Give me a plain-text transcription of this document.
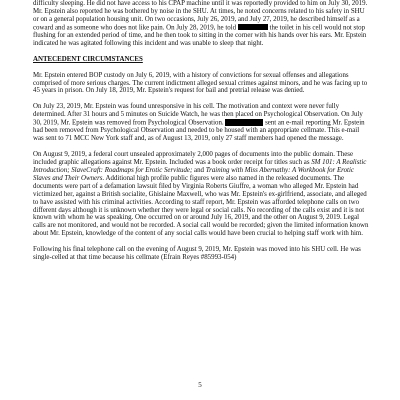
difficulty sleeping. He did not have access to his CPAP machine until it was reportedly provided to him on July 30, 2019. Mr. Epstein also reported he was bothered by noise in the SHU. At times, he noted concerns related to his safety in SHU or on a general population housing unit. On two occasions, July 26, 2019, and July 27, 2019, he described himself as a coward and as someone who does not like pain. On July 28, 2019, he told	the toilet in his cell would not stop flushing for an extended period of time, and he then took to sitting in the corner with his hands over his ears. Mr. Epstein indicated he was agitated following this incident and was unable to sleep that night.

ANTECEDENT CIRCUMSTANCES

Mr. Epstein entered BOP custody on July 6, 2019, with a history of convictions for sexual offenses and allegations comprised of more serious charges. The current indictment alleged sexual crimes against minors, and he was facing up to 45 years in prison. On July 18, 2019, Mr. Epstein's request for bail and pretrial release was denied.

On July 23, 2019, Mr. Epstein was found unresponsive in his cell. The motivation and context were never fully determined. After 31 hours and 5 minutes on Suicide Watch, he was then placed on Psychological Observation. On July 30, 2019, Mr. Epstein was removed from Psychological Observation.	sent an e-mail reporting Mr. Epstein had been removed from Psychological Observation and needed to be housed with an appropriate cellmate. This e-mail was sent to 71 MCC New York staff and, as of August 13, 2019, only 27 staff members had opened the message.

On August 9, 2019, a federal court unsealed approximately 2,000 pages of documents into the public domain. These included graphic allegations against Mr. Epstein. Included was a book order receipt for titles such as SM 101: A Realistic Introduction; SlaveCraft: Roadmaps for Erotic Servitude; and Training with Miss Abernathy: A Workbook for Erotic Slaves and Their Owners. Additional high profile public figures were also named in the released documents. The documents were part of a defamation lawsuit filed by Virginia Roberts Giuffre, a woman who alleged Mr. Epstein had victimized her, against a British socialite, Ghislaine Maxwell, who was Mr. Epstein's ex-girlfriend, associate, and alleged to have assisted with his criminal activities. According to staff report, Mr. Epstein was afforded telephone calls on two different days although it is unknown whether they were legal or social calls. No recording of the calls exist and it is not known with whom he was speaking. One occurred on or around July 16, 2019, and the other on August 9, 2019. Legal calls are not monitored, and would not be recorded. A social call would be recorded; given the limited information known about Mr. Epstein, knowledge of the content of any social calls would have been crucial to helping staff work with him.

Following his final telephone call on the evening of August 9, 2019, Mr. Epstein was moved into his SHU cell. He was single-celled at that time because his cellmate (Efrain Reyes #85993-054)

5
